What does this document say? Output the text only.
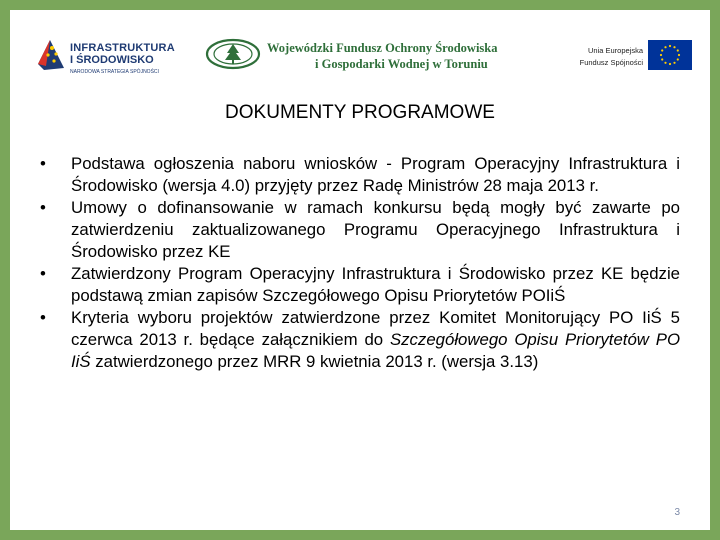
INFRASTRUKTURA
I ŚRODOWISKO
NARODOWA STRATEGIA SPÓJNOŚCI
Wojewódzki Fundusz Ochrony Środowiska
i Gospodarki Wodnej w Toruniu
Unia Europejska
Fundusz Spójności
DOKUMENTY PROGRAMOWE
• Podstawa ogłoszenia naboru wniosków - Program Operacyjny Infrastruktura i Środowisko (wersja 4.0) przyjęty przez Radę Ministrów 28 maja 2013 r.
• Umowy o dofinansowanie w ramach konkursu będą mogły być zawarte po zatwierdzeniu zaktualizowanego Programu Operacyjnego Infrastruktura i Środowisko przez KE
• Zatwierdzony Program Operacyjny Infrastruktura i Środowisko przez KE będzie podstawą zmian zapisów Szczegółowego Opisu Priorytetów POIiŚ
• Kryteria wyboru projektów zatwierdzone przez Komitet Monitorujący PO IiŚ 5 czerwca 2013 r. będące załącznikiem do Szczegółowego Opisu Priorytetów PO IiŚ zatwierdzonego przez MRR 9 kwietnia 2013 r. (wersja 3.13)
3
